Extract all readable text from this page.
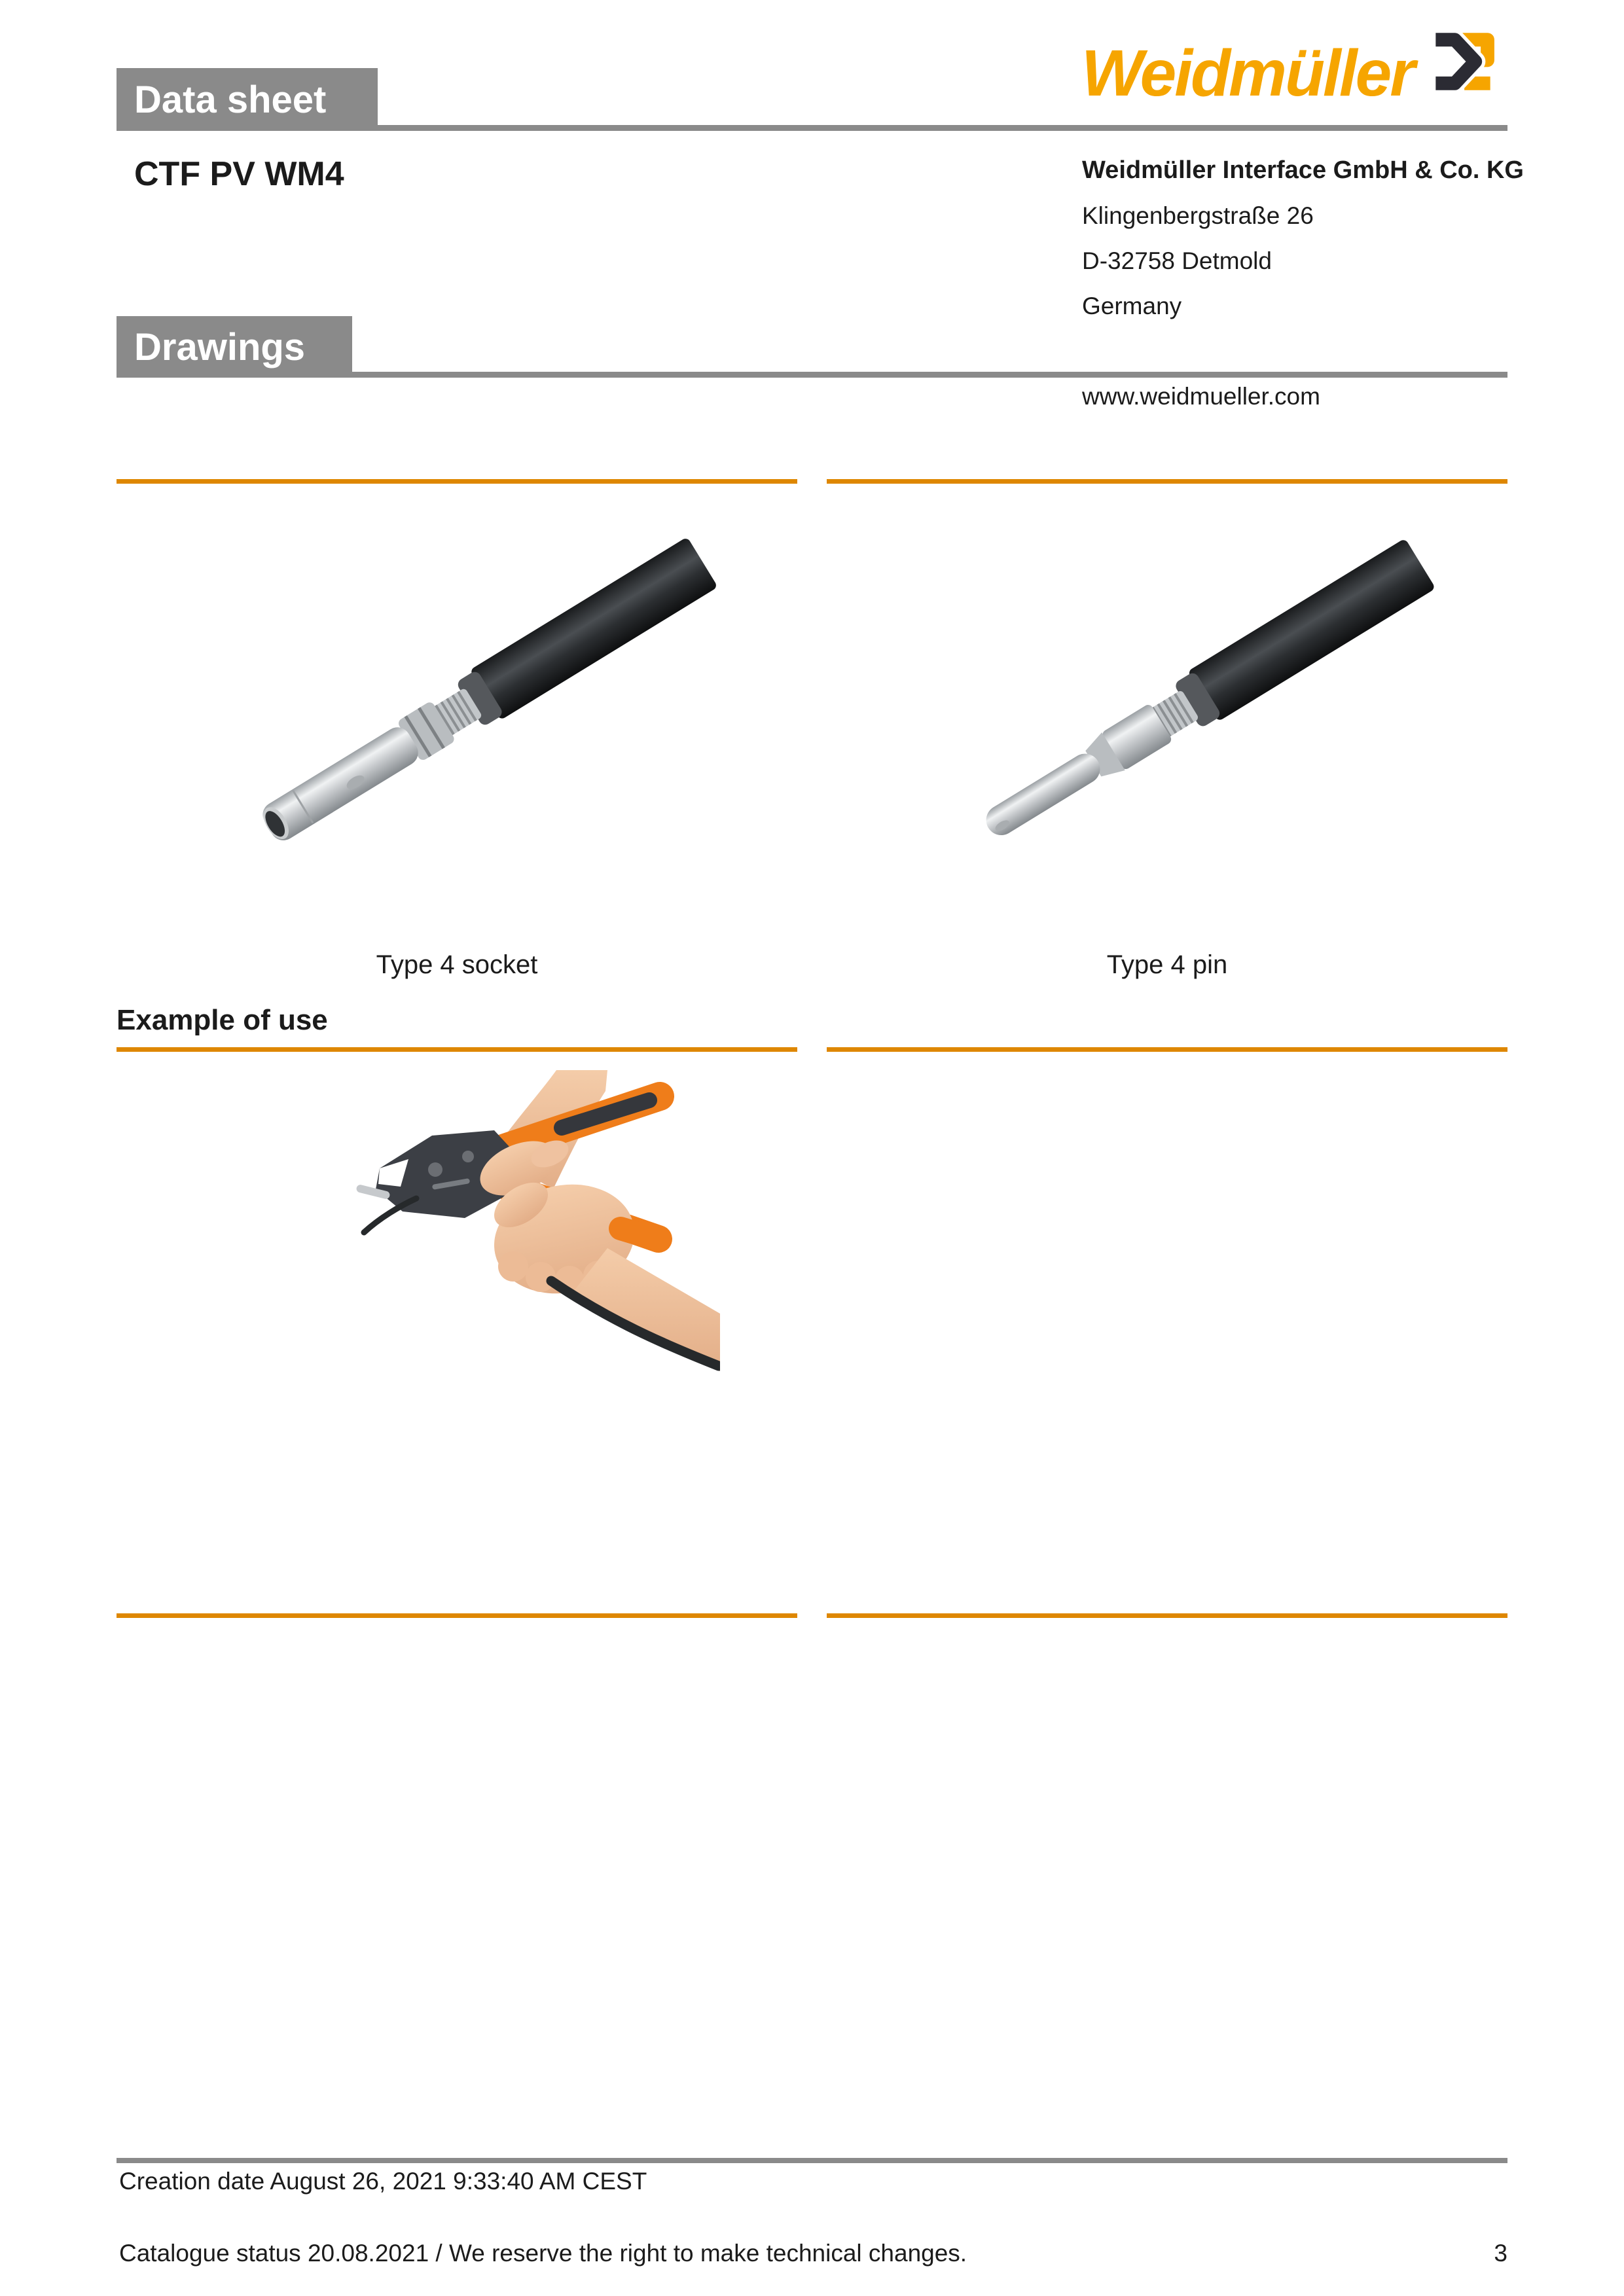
Data sheet	Weidmüller
CTF PV WM4	Weidmüller Interface GmbH & Co. KG
Klingenbergstraße 26
D-32758 Detmold
Germany
www.weidmueller.com
Drawings
Type 4 socket	Type 4 pin
Example of use
Creation date August 26, 2021 9:33:40 AM CEST
Catalogue status 20.08.2021 / We reserve the right to make technical changes.	3
